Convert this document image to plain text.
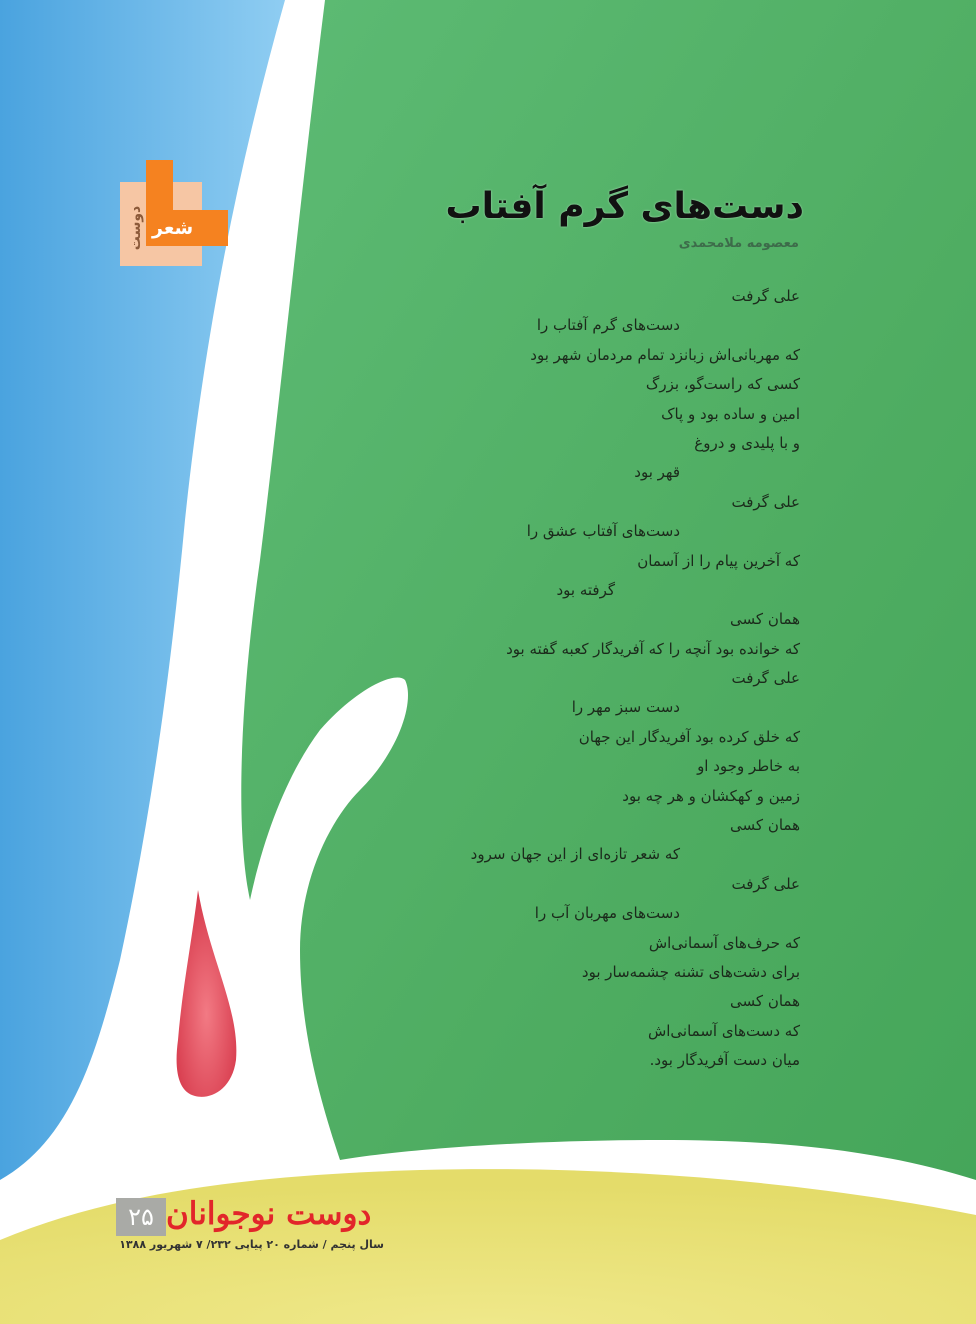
دوست شعر
دست‌های گرم آفتاب
معصومه ملامحمدی
علی گرفت
دست‌های گرم آفتاب را
که مهربانی‌اش زبانزد تمام مردمان شهر بود
کسی که راست‌گو، بزرگ
امین و ساده بود و پاک
و با پلیدی و دروغ
قهر بود
علی گرفت
دست‌های آفتاب عشق را
که آخرین پیام را از آسمان
گرفته بود
همان کسی
که خوانده بود آنچه را که آفریدگار کعبه گفته بود
علی گرفت
دست سبز مهر را
که خلق کرده بود آفریدگار این جهان
به خاطر وجود او
زمین و کهکشان و هر چه بود
همان کسی
که شعر تازه‌ای از این جهان سرود
علی گرفت
دست‌های مهربان آب را
که حرف‌های آسمانی‌اش
برای دشت‌های تشنه چشمه‌سار بود
همان کسی
که دست‌های آسمانی‌اش
میان دست آفریدگار بود.
۲۵ دوست نوجوانان
سال پنجم / شماره ۲۰ پیاپی ۲۳۲/ ۷ شهریور ۱۳۸۸
